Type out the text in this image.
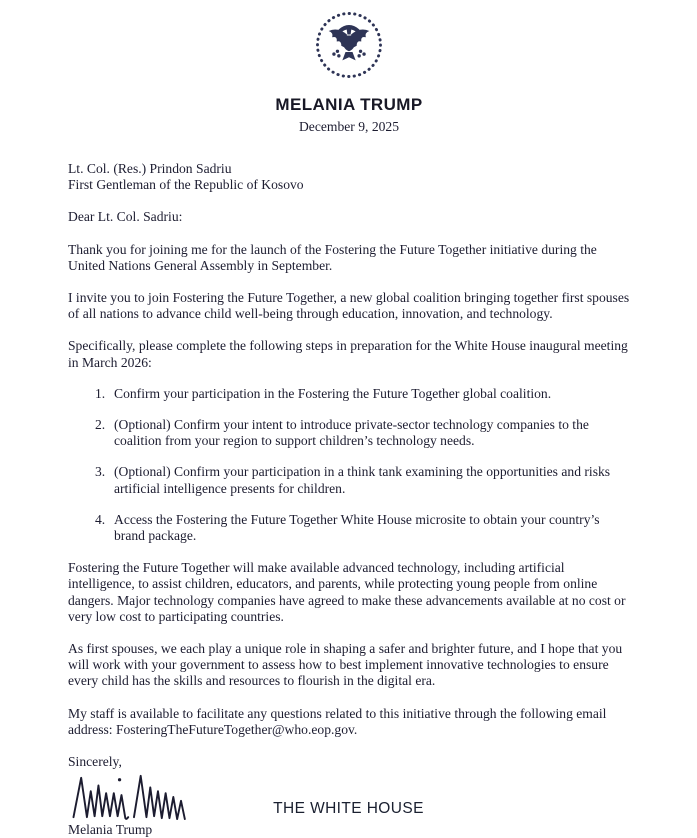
MELANIA TRUMP
December 9, 2025
Lt. Col. (Res.) Prindon Sadriu
First Gentleman of the Republic of Kosovo
Dear Lt. Col. Sadriu:

Thank you for joining me for the launch of the Fostering the Future Together initiative during the United Nations General Assembly in September.

I invite you to join Fostering the Future Together, a new global coalition bringing together first spouses of all nations to advance child well-being through education, innovation, and technology.

Specifically, please complete the following steps in preparation for the White House inaugural meeting in March 2026:

1. Confirm your participation in the Fostering the Future Together global coalition.
2. (Optional) Confirm your intent to introduce private-sector technology companies to the coalition from your region to support children’s technology needs.
3. (Optional) Confirm your participation in a think tank examining the opportunities and risks artificial intelligence presents for children.
4. Access the Fostering the Future Together White House microsite to obtain your country’s brand package.

Fostering the Future Together will make available advanced technology, including artificial intelligence, to assist children, educators, and parents, while protecting young people from online dangers. Major technology companies have agreed to make these advancements available at no cost or very low cost to participating countries.

As first spouses, we each play a unique role in shaping a safer and brighter future, and I hope that you will work with your government to assess how to best implement innovative technologies to ensure every child has the skills and resources to flourish in the digital era.

My staff is available to facilitate any questions related to this initiative through the following email address: FosteringTheFutureTogether@who.eop.gov.

Sincerely,
Melania Trump
THE WHITE HOUSE
